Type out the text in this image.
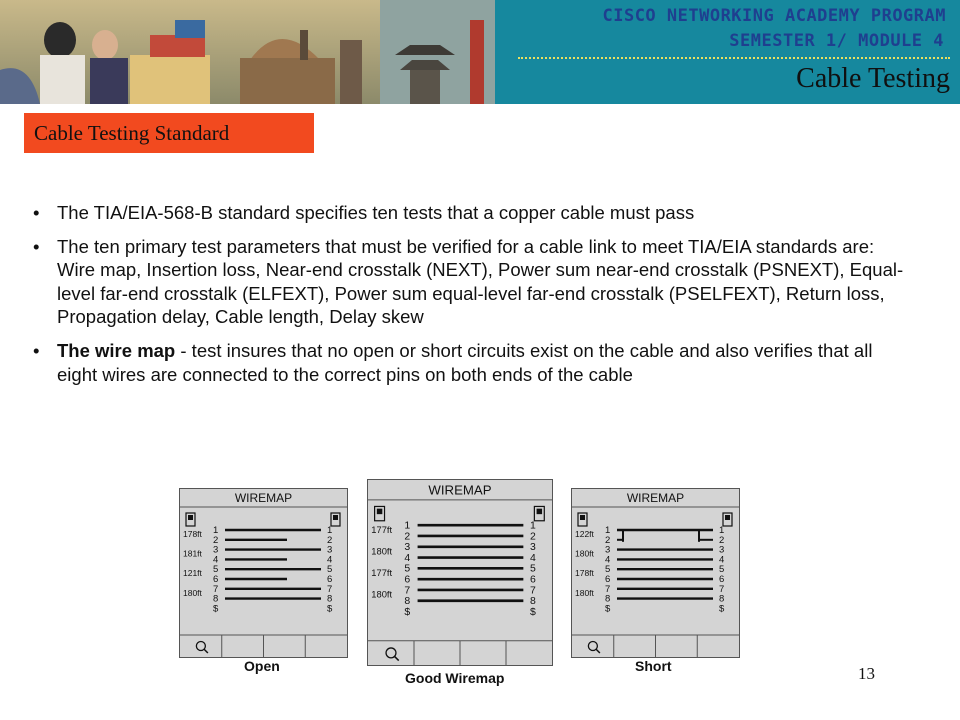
CISCO NETWORKING ACADEMY PROGRAM
SEMESTER 1/ MODULE 4
Cable Testing
Cable Testing Standard
• The TIA/EIA-568-B standard specifies ten tests that a copper cable must pass
• The ten primary test parameters that must be verified for a cable link to meet TIA/EIA standards are: Wire map, Insertion loss, Near-end crosstalk (NEXT), Power sum near-end crosstalk (PSNEXT), Equal-level far-end crosstalk (ELFEXT), Power sum equal-level far-end crosstalk (PSELFEXT), Return loss, Propagation delay, Cable length, Delay skew
• The wire map - test insures that no open or short circuits exist on the cable and also verifies that all eight wires are connected to the correct pins on both ends of the cable
WIREMAP
1	1
2	2
3	3
4	4
5	5
6	6
7	7
8	8
$	$
178ft
181ft
121ft
180ft
Open
WIREMAP
1	1
2	2
3	3
4	4
5	5
6	6
7	7
8	8
$	$
177ft
180ft
177ft
180ft
Good Wiremap
WIREMAP
1	1
2	2
3	3
4	4
5	5
6	6
7	7
8	8
$	$
122ft
180ft
178ft
180ft
Short	13
